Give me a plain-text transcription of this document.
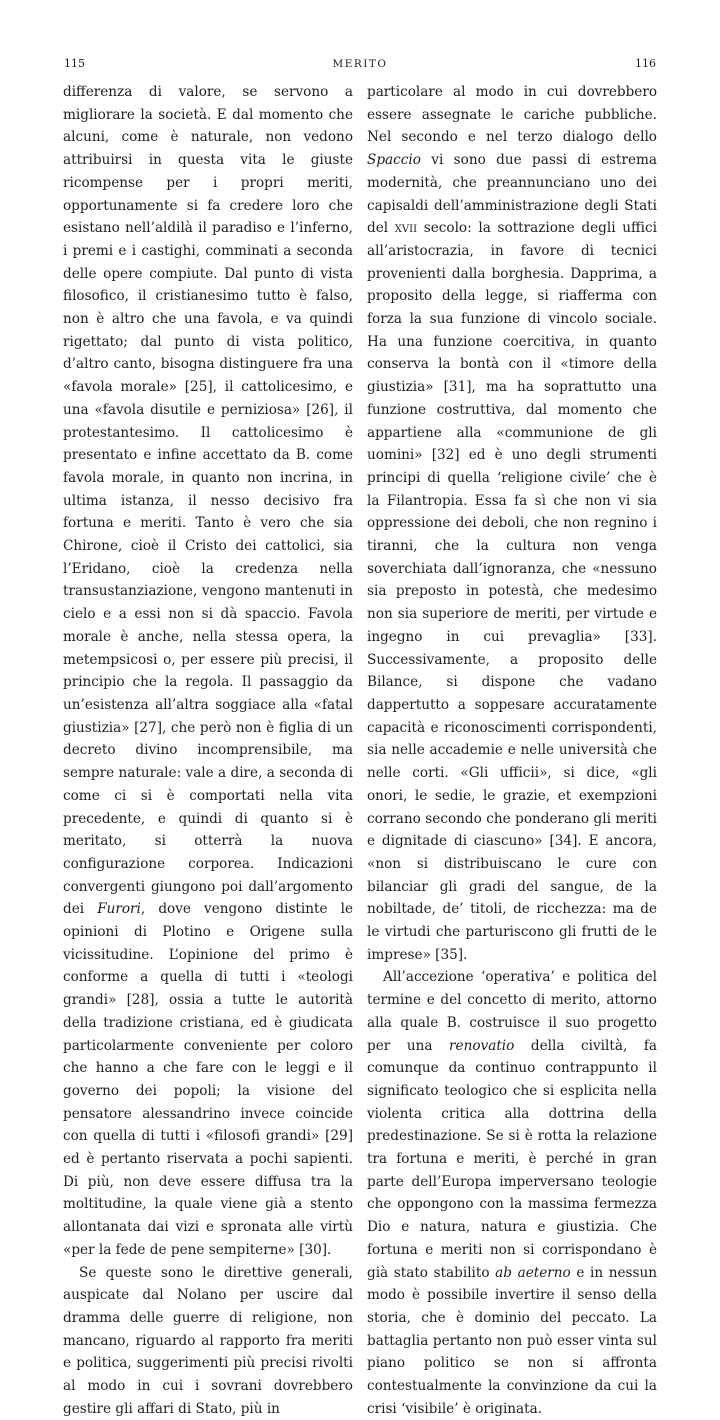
115	MERITO	116

differenza di valore, se servono a migliorare la società. E dal momento che alcuni, come è naturale, non vedono attribuirsi in questa vita le giuste ricompense per i propri meriti, opportunamente si fa credere loro che esistano nell’aldilà il paradiso e l’inferno, i premi e i castighi, comminati a seconda delle opere compiute. Dal punto di vista filosofico, il cristianesimo tutto è falso, non è altro che una favola, e va quindi rigettato; dal punto di vista politico, d’altro canto, bisogna distinguere fra una «favola morale» [25], il cattolicesimo, e una «favola disutile e perniziosa» [26], il protestantesimo. Il cattolicesimo è presentato e infine accettato da B. come favola morale, in quanto non incrina, in ultima istanza, il nesso decisivo fra fortuna e meriti. Tanto è vero che sia Chirone, cioè il Cristo dei cattolici, sia l’Eridano, cioè la credenza nella transustanziazione, vengono mantenuti in cielo e a essi non si dà spaccio. Favola morale è anche, nella stessa opera, la metempsicosi o, per essere più precisi, il principio che la regola. Il passaggio da un’esistenza all’altra soggiace alla «fatal giustizia» [27], che però non è figlia di un decreto divino incomprensibile, ma sempre naturale: vale a dire, a seconda di come ci si è comportati nella vita precedente, e quindi di quanto si è meritato, si otterrà la nuova configurazione corporea. Indicazioni convergenti giungono poi dall’argomento dei Furori, dove vengono distinte le opinioni di Plotino e Origene sulla vicissitudine. L’opinione del primo è conforme a quella di tutti i «teologi grandi» [28], ossia a tutte le autorità della tradizione cristiana, ed è giudicata particolarmente conveniente per coloro che hanno a che fare con le leggi e il governo dei popoli; la visione del pensatore alessandrino invece coincide con quella di tutti i «filosofi grandi» [29] ed è pertanto riservata a pochi sapienti. Di più, non deve essere diffusa tra la moltitudine, la quale viene già a stento allontanata dai vizi e spronata alle virtù «per la fede de pene sempiterne» [30].

Se queste sono le direttive generali, auspicate dal Nolano per uscire dal dramma delle guerre di religione, non mancano, riguardo al rapporto fra meriti e politica, suggerimenti più precisi rivolti al modo in cui i sovrani dovrebbero gestire gli affari di Stato, più in

particolare al modo in cui dovrebbero essere assegnate le cariche pubbliche. Nel secondo e nel terzo dialogo dello Spaccio vi sono due passi di estrema modernità, che preannunciano uno dei capisaldi dell’amministrazione degli Stati del xvii secolo: la sottrazione degli uffici all’aristocrazia, in favore di tecnici provenienti dalla borghesia. Dapprima, a proposito della legge, si riafferma con forza la sua funzione di vincolo sociale. Ha una funzione coercitiva, in quanto conserva la bontà con il «timore della giustizia» [31], ma ha soprattutto una funzione costruttiva, dal momento che appartiene alla «communione de gli uomini» [32] ed è uno degli strumenti principi di quella ‘religione civile’ che è la Filantropia. Essa fa sì che non vi sia oppressione dei deboli, che non regnino i tiranni, che la cultura non venga soverchiata dall’ignoranza, che «nessuno sia preposto in potestà, che medesimo non sia superiore de meriti, per virtude e ingegno in cui prevaglia» [33]. Successivamente, a proposito delle Bilance, si dispone che vadano dappertutto a soppesare accuratamente capacità e riconoscimenti corrispondenti, sia nelle accademie e nelle università che nelle corti. «Gli ufficii», si dice, «gli onori, le sedie, le grazie, et exempzioni corrano secondo che ponderano gli meriti e dignitade di ciascuno» [34]. E ancora, «non si distribuiscano le cure con bilanciar gli gradi del sangue, de la nobiltade, de’ titoli, de ricchezza: ma de le virtudi che parturiscono gli frutti de le imprese» [35].

All’accezione ‘operativa’ e politica del termine e del concetto di merito, attorno alla quale B. costruisce il suo progetto per una renovatio della civiltà, fa comunque da continuo contrappunto il significato teologico che si esplicita nella violenta critica alla dottrina della predestinazione. Se si è rotta la relazione tra fortuna e meriti, è perché in gran parte dell’Europa imperversano teologie che oppongono con la massima fermezza Dio e natura, natura e giustizia. Che fortuna e meriti non si corrispondano è già stato stabilito ab aeterno e in nessun modo è possibile invertire il senso della storia, che è dominio del peccato. La battaglia pertanto non può esser vinta sul piano politico se non si affronta contestualmente la convinzione da cui la crisi ‘visibile’ è originata.
